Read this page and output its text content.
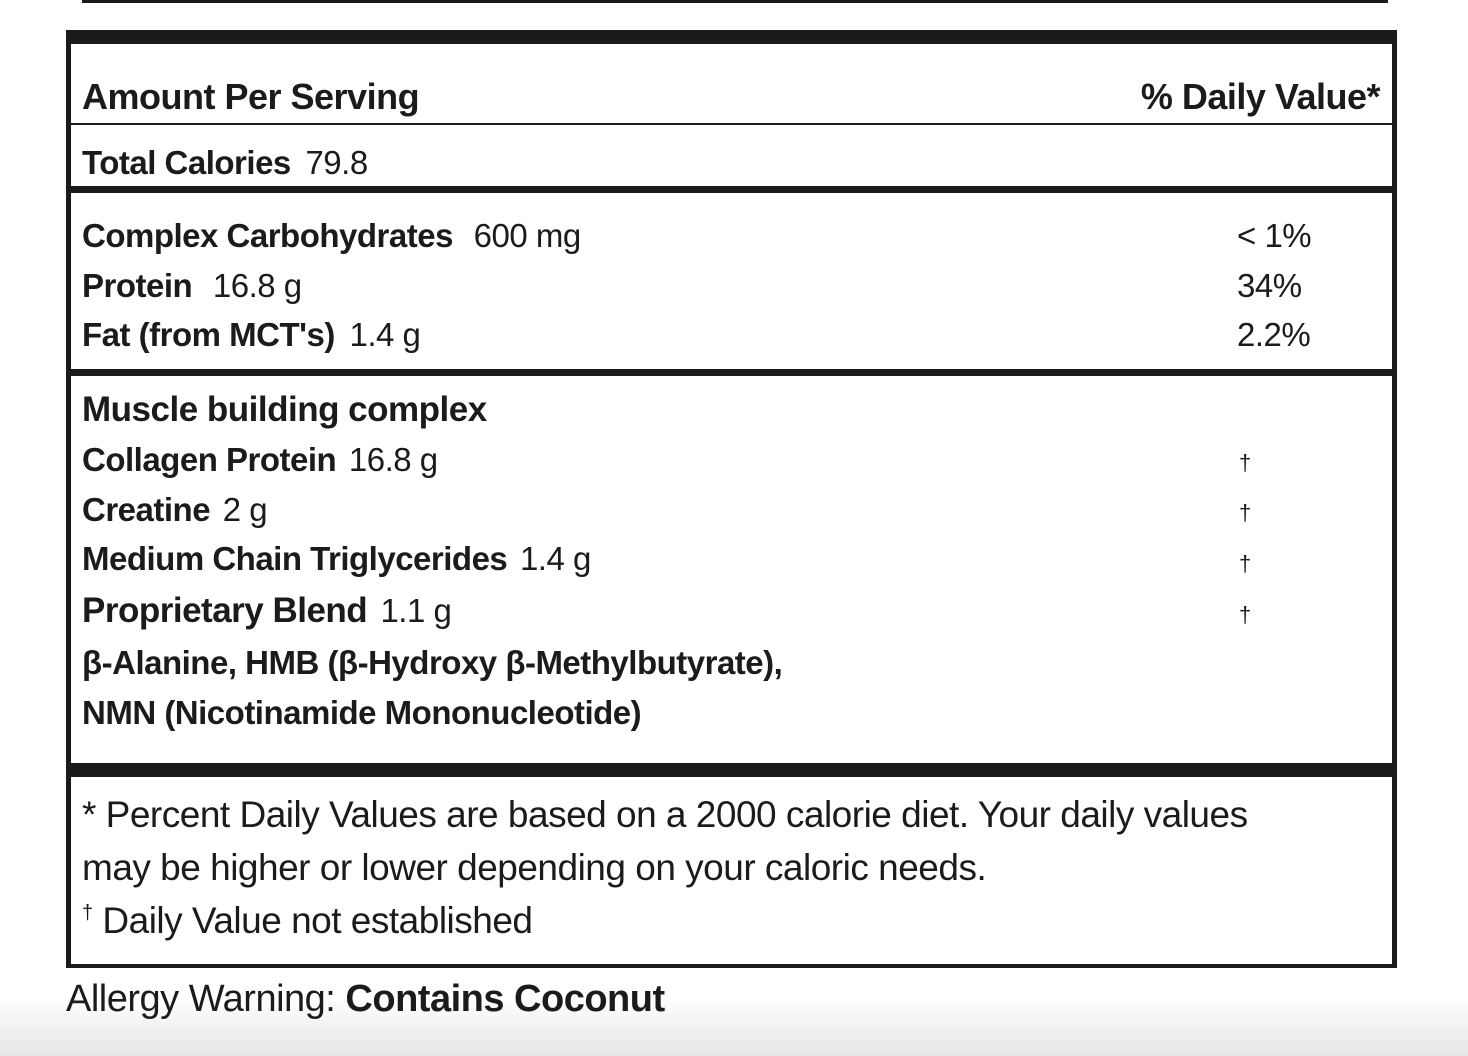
Amount Per Serving	% Daily Value*
Total Calories 79.8
Complex Carbohydrates 600 mg	< 1%
Protein 16.8 g	34%
Fat (from MCT's) 1.4 g	2.2%
Muscle building complex
Collagen Protein 16.8 g	†
Creatine 2 g	†
Medium Chain Triglycerides 1.4 g	†
Proprietary Blend 1.1 g	†
β-Alanine, HMB (β-Hydroxy β-Methylbutyrate),
NMN (Nicotinamide Mononucleotide)
* Percent Daily Values are based on a 2000 calorie diet. Your daily values
may be higher or lower depending on your caloric needs.
† Daily Value not established
Allergy Warning: Contains Coconut
